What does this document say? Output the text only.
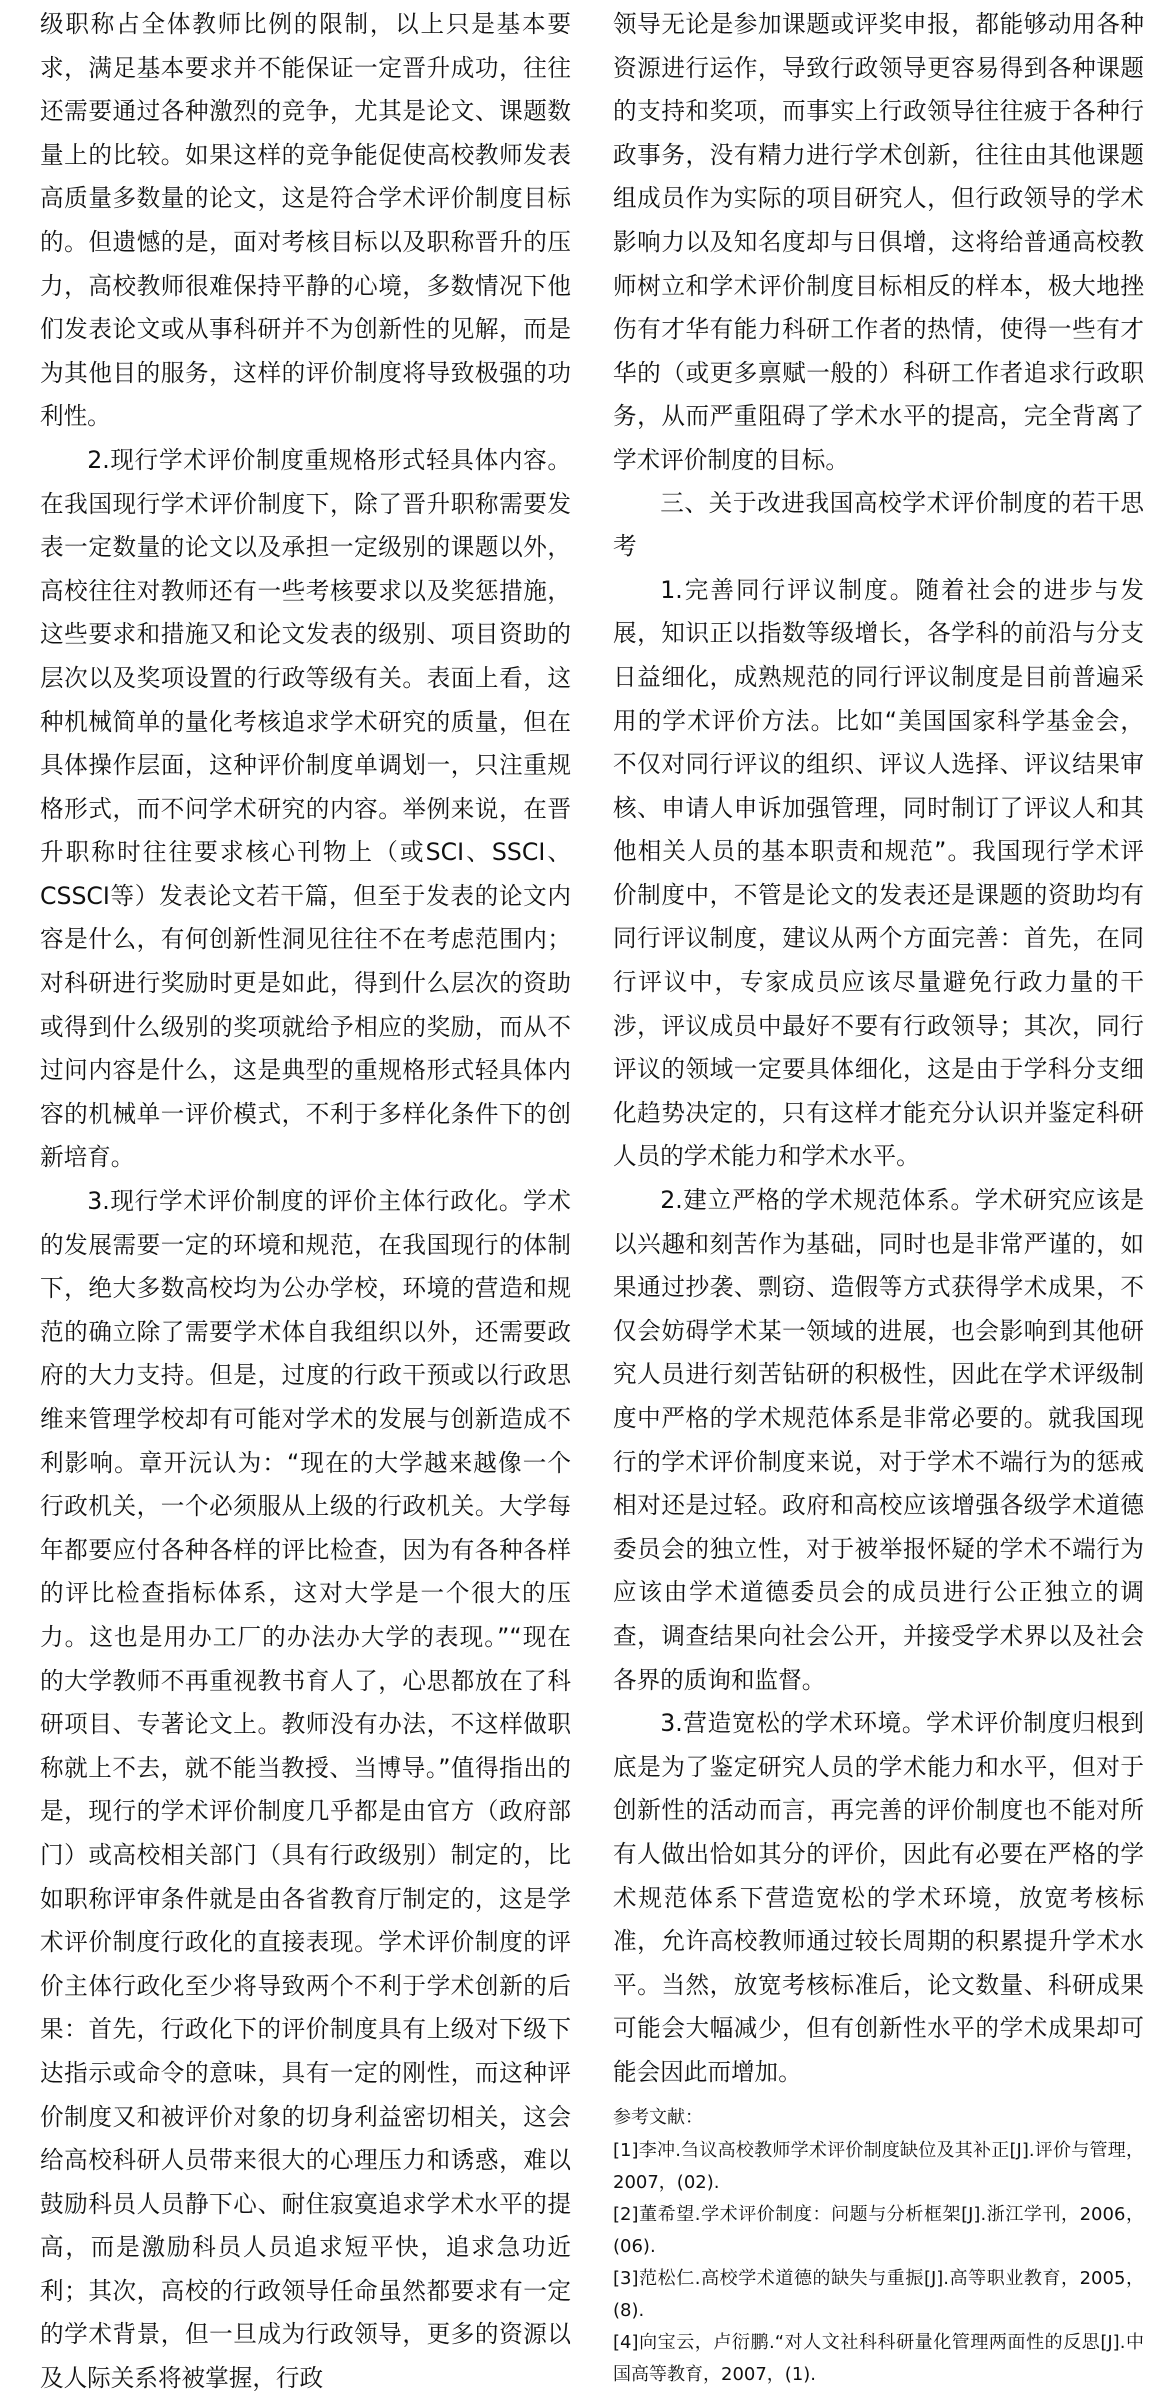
级职称占全体教师比例的限制，以上只是基本要求，满足基本要求并不能保证一定晋升成功，往往还需要通过各种激烈的竞争，尤其是论文、课题数量上的比较。如果这样的竞争能促使高校教师发表高质量多数量的论文，这是符合学术评价制度目标的。但遗憾的是，面对考核目标以及职称晋升的压力，高校教师很难保持平静的心境，多数情况下他们发表论文或从事科研并不为创新性的见解，而是为其他目的服务，这样的评价制度将导致极强的功利性。

2.现行学术评价制度重规格形式轻具体内容。在我国现行学术评价制度下，除了晋升职称需要发表一定数量的论文以及承担一定级别的课题以外，高校往往对教师还有一些考核要求以及奖惩措施，这些要求和措施又和论文发表的级别、项目资助的层次以及奖项设置的行政等级有关。表面上看，这种机械简单的量化考核追求学术研究的质量，但在具体操作层面，这种评价制度单调划一，只注重规格形式，而不问学术研究的内容。举例来说，在晋升职称时往往要求核心刊物上（或SCI、SSCI、CSSCI等）发表论文若干篇，但至于发表的论文内容是什么，有何创新性洞见往往不在考虑范围内；对科研进行奖励时更是如此，得到什么层次的资助或得到什么级别的奖项就给予相应的奖励，而从不过问内容是什么，这是典型的重规格形式轻具体内容的机械单一评价模式，不利于多样化条件下的创新培育。

3.现行学术评价制度的评价主体行政化。学术的发展需要一定的环境和规范，在我国现行的体制下，绝大多数高校均为公办学校，环境的营造和规范的确立除了需要学术体自我组织以外，还需要政府的大力支持。但是，过度的行政干预或以行政思维来管理学校却有可能对学术的发展与创新造成不利影响。章开沅认为：“现在的大学越来越像一个行政机关，一个必须服从上级的行政机关。大学每年都要应付各种各样的评比检查，因为有各种各样的评比检查指标体系，这对大学是一个很大的压力。这也是用办工厂的办法办大学的表现。”“现在的大学教师不再重视教书育人了，心思都放在了科研项目、专著论文上。教师没有办法，不这样做职称就上不去，就不能当教授、当博导。”值得指出的是，现行的学术评价制度几乎都是由官方（政府部门）或高校相关部门（具有行政级别）制定的，比如职称评审条件就是由各省教育厅制定的，这是学术评价制度行政化的直接表现。学术评价制度的评价主体行政化至少将导致两个不利于学术创新的后果：首先，行政化下的评价制度具有上级对下级下达指示或命令的意味，具有一定的刚性，而这种评价制度又和被评价对象的切身利益密切相关，这会给高校科研人员带来很大的心理压力和诱惑，难以鼓励科员人员静下心、耐住寂寞追求学术水平的提高，而是激励科员人员追求短平快，追求急功近利；其次，高校的行政领导任命虽然都要求有一定的学术背景，但一旦成为行政领导，更多的资源以及人际关系将被掌握，行政

领导无论是参加课题或评奖申报，都能够动用各种资源进行运作，导致行政领导更容易得到各种课题的支持和奖项，而事实上行政领导往往疲于各种行政事务，没有精力进行学术创新，往往由其他课题组成员作为实际的项目研究人，但行政领导的学术影响力以及知名度却与日俱增，这将给普通高校教师树立和学术评价制度目标相反的样本，极大地挫伤有才华有能力科研工作者的热情，使得一些有才华的（或更多禀赋一般的）科研工作者追求行政职务，从而严重阻碍了学术水平的提高，完全背离了学术评价制度的目标。

三、关于改进我国高校学术评价制度的若干思考

1.完善同行评议制度。随着社会的进步与发展，知识正以指数等级增长，各学科的前沿与分支日益细化，成熟规范的同行评议制度是目前普遍采用的学术评价方法。比如“美国国家科学基金会，不仅对同行评议的组织、评议人选择、评议结果审核、申请人申诉加强管理，同时制订了评议人和其他相关人员的基本职责和规范”。我国现行学术评价制度中，不管是论文的发表还是课题的资助均有同行评议制度，建议从两个方面完善：首先，在同行评议中，专家成员应该尽量避免行政力量的干涉，评议成员中最好不要有行政领导；其次，同行评议的领域一定要具体细化，这是由于学科分支细化趋势决定的，只有这样才能充分认识并鉴定科研人员的学术能力和学术水平。

2.建立严格的学术规范体系。学术研究应该是以兴趣和刻苦作为基础，同时也是非常严谨的，如果通过抄袭、剽窃、造假等方式获得学术成果，不仅会妨碍学术某一领域的进展，也会影响到其他研究人员进行刻苦钻研的积极性，因此在学术评级制度中严格的学术规范体系是非常必要的。就我国现行的学术评价制度来说，对于学术不端行为的惩戒相对还是过轻。政府和高校应该增强各级学术道德委员会的独立性，对于被举报怀疑的学术不端行为应该由学术道德委员会的成员进行公正独立的调查，调查结果向社会公开，并接受学术界以及社会各界的质询和监督。

3.营造宽松的学术环境。学术评价制度归根到底是为了鉴定研究人员的学术能力和水平，但对于创新性的活动而言，再完善的评价制度也不能对所有人做出恰如其分的评价，因此有必要在严格的学术规范体系下营造宽松的学术环境，放宽考核标准，允许高校教师通过较长周期的积累提升学术水平。当然，放宽考核标准后，论文数量、科研成果可能会大幅减少，但有创新性水平的学术成果却可能会因此而增加。

参考文献：

[1]李冲.刍议高校教师学术评价制度缺位及其补正[J].评价与管理，2007，(02).

[2]董希望.学术评价制度：问题与分析框架[J].浙江学刊，2006，(06).

[3]范松仁.高校学术道德的缺失与重振[J].高等职业教育，2005，(8).

[4]向宝云，卢衍鹏.“对人文社科科研量化管理两面性的反思[J].中国高等教育，2007，(1).
